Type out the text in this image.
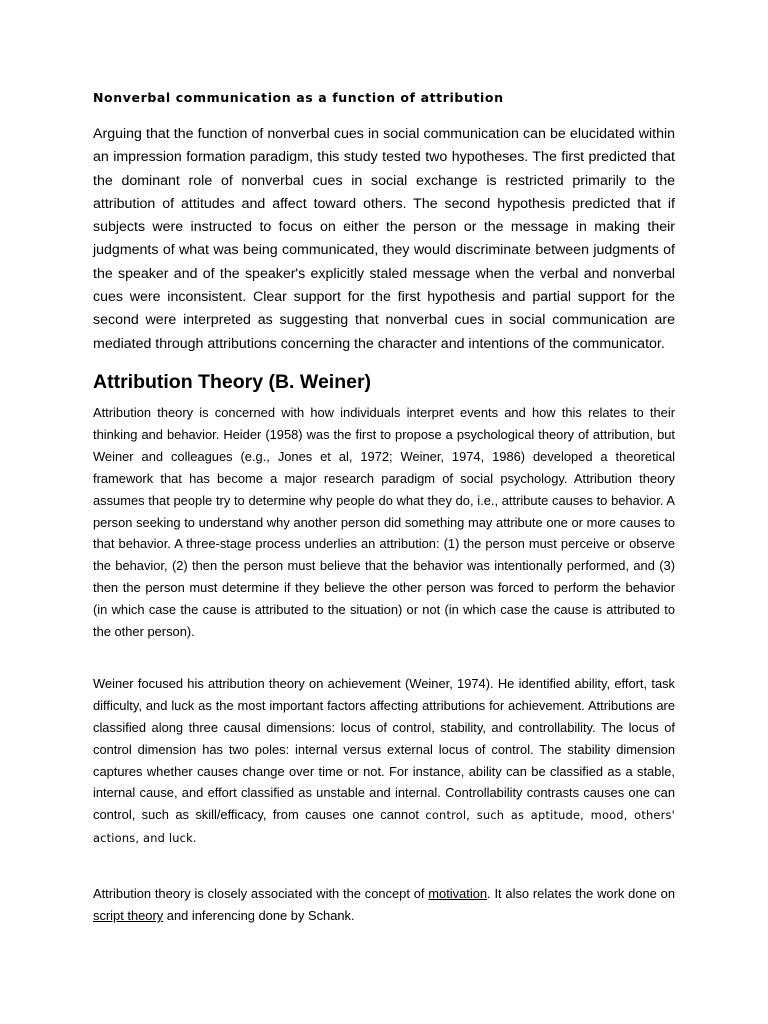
Nonverbal communication as a function of attribution

Arguing that the function of nonverbal cues in social communication can be elucidated within an impression formation paradigm, this study tested two hypotheses. The first predicted that the dominant role of nonverbal cues in social exchange is restricted primarily to the attribution of attitudes and affect toward others. The second hypothesis predicted that if subjects were instructed to focus on either the person or the message in making their judgments of what was being communicated, they would discriminate between judgments of the speaker and of the speaker's explicitly staled message when the verbal and nonverbal cues were inconsistent. Clear support for the first hypothesis and partial support for the second were interpreted as suggesting that nonverbal cues in social communication are mediated through attributions concerning the character and intentions of the communicator.

Attribution Theory (B. Weiner)

Attribution theory is concerned with how individuals interpret events and how this relates to their thinking and behavior. Heider (1958) was the first to propose a psychological theory of attribution, but Weiner and colleagues (e.g., Jones et al, 1972; Weiner, 1974, 1986) developed a theoretical framework that has become a major research paradigm of social psychology. Attribution theory assumes that people try to determine why people do what they do, i.e., attribute causes to behavior. A person seeking to understand why another person did something may attribute one or more causes to that behavior. A three-stage process underlies an attribution: (1) the person must perceive or observe the behavior, (2) then the person must believe that the behavior was intentionally performed, and (3) then the person must determine if they believe the other person was forced to perform the behavior (in which case the cause is attributed to the situation) or not (in which case the cause is attributed to the other person).

Weiner focused his attribution theory on achievement (Weiner, 1974). He identified ability, effort, task difficulty, and luck as the most important factors affecting attributions for achievement. Attributions are classified along three causal dimensions: locus of control, stability, and controllability. The locus of control dimension has two poles: internal versus external locus of control. The stability dimension captures whether causes change over time or not. For instance, ability can be classified as a stable, internal cause, and effort classified as unstable and internal. Controllability contrasts causes one can control, such as skill/efficacy, from causes one cannot control, such as aptitude, mood, others' actions, and luck.

Attribution theory is closely associated with the concept of motivation. It also relates the work done on script theory and inferencing done by Schank.
